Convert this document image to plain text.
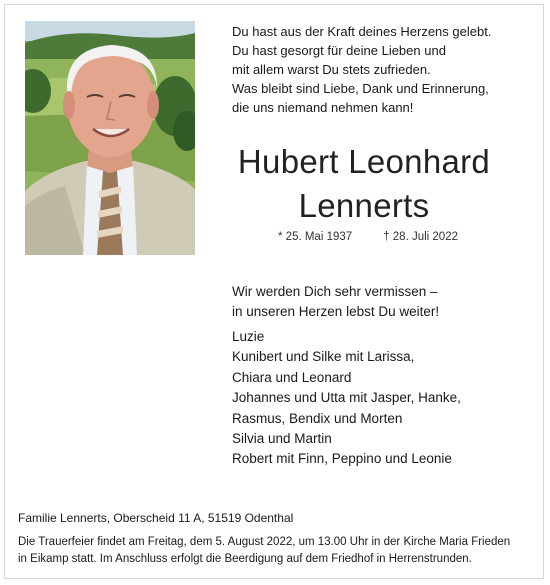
Du hast aus der Kraft deines Herzens gelebt.
Du hast gesorgt für deine Lieben und
mit allem warst Du stets zufrieden.
Was bleibt sind Liebe, Dank und Erinnerung,
die uns niemand nehmen kann!
Hubert Leonhard
Lennerts
* 25. Mai 1937	† 28. Juli 2022
Wir werden Dich sehr vermissen –
in unseren Herzen lebst Du weiter!
Luzie
Kunibert und Silke mit Larissa,
Chiara und Leonard
Johannes und Utta mit Jasper, Hanke,
Rasmus, Bendix und Morten
Silvia und Martin
Robert mit Finn, Peppino und Leonie
Familie Lennerts, Oberscheid 11 A, 51519 Odenthal
Die Trauerfeier findet am Freitag, dem 5. August 2022, um 13.00 Uhr in der Kirche Maria Frieden
in Eikamp statt. Im Anschluss erfolgt die Beerdigung auf dem Friedhof in Herrenstrunden.
